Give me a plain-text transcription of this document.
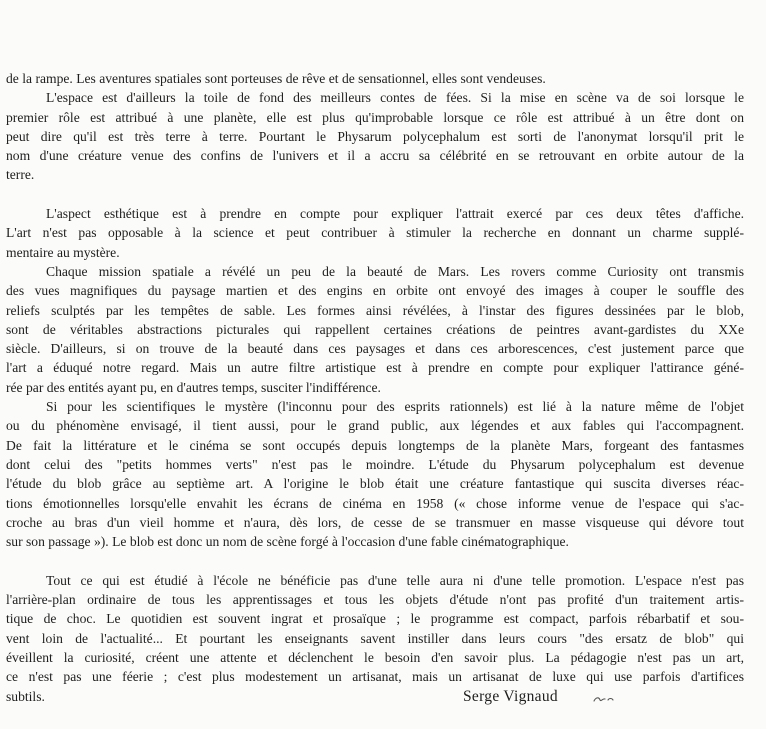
de la rampe. Les aventures spatiales sont porteuses de rêve et de sensationnel, elles sont vendeuses.
L'espace est d'ailleurs la toile de fond des meilleurs contes de fées. Si la mise en scène va de soi lorsque le
premier rôle est attribué à une planète, elle est plus qu'improbable lorsque ce rôle est attribué à un être dont on
peut dire qu'il est très terre à terre. Pourtant le Physarum polycephalum est sorti de l'anonymat lorsqu'il prit le
nom d'une créature venue des confins de l'univers et il a accru sa célébrité en se retrouvant en orbite autour de la
terre.
L'aspect esthétique est à prendre en compte pour expliquer l'attrait exercé par ces deux têtes d'affiche.
L'art n'est pas opposable à la science et peut contribuer à stimuler la recherche en donnant un charme supplé-
mentaire au mystère.
Chaque mission spatiale a révélé un peu de la beauté de Mars. Les rovers comme Curiosity ont transmis
des vues magnifiques du paysage martien et des engins en orbite ont envoyé des images à couper le souffle des
reliefs sculptés par les tempêtes de sable. Les formes ainsi révélées, à l'instar des figures dessinées par le blob,
sont de véritables abstractions picturales qui rappellent certaines créations de peintres avant-gardistes du XXe
siècle. D'ailleurs, si on trouve de la beauté dans ces paysages et dans ces arborescences, c'est justement parce que
l'art a éduqué notre regard. Mais un autre filtre artistique est à prendre en compte pour expliquer l'attirance géné-
rée par des entités ayant pu, en d'autres temps, susciter l'indifférence.
Si pour les scientifiques le mystère (l'inconnu pour des esprits rationnels) est lié à la nature même de l'objet
ou du phénomène envisagé, il tient aussi, pour le grand public, aux légendes et aux fables qui l'accompagnent.
De fait la littérature et le cinéma se sont occupés depuis longtemps de la planète Mars, forgeant des fantasmes
dont celui des "petits hommes verts" n'est pas le moindre. L'étude du Physarum polycephalum est devenue
l'étude du blob grâce au septième art. A l'origine le blob était une créature fantastique qui suscita diverses réac-
tions émotionnelles lorsqu'elle envahit les écrans de cinéma en 1958 (« chose informe venue de l'espace qui s'ac-
croche au bras d'un vieil homme et n'aura, dès lors, de cesse de se transmuer en masse visqueuse qui dévore tout
sur son passage »). Le blob est donc un nom de scène forgé à l'occasion d'une fable cinématographique.
Tout ce qui est étudié à l'école ne bénéficie pas d'une telle aura ni d'une telle promotion. L'espace n'est pas
l'arrière-plan ordinaire de tous les apprentissages et tous les objets d'étude n'ont pas profité d'un traitement artis-
tique de choc. Le quotidien est souvent ingrat et prosaïque ; le programme est compact, parfois rébarbatif et sou-
vent loin de l'actualité... Et pourtant les enseignants savent instiller dans leurs cours "des ersatz de blob" qui
éveillent la curiosité, créent une attente et déclenchent le besoin d'en savoir plus. La pédagogie n'est pas un art,
ce n'est pas une féerie ; c'est plus modestement un artisanat, mais un artisanat de luxe qui use parfois d'artifices
subtils.	Serge Vignaud
